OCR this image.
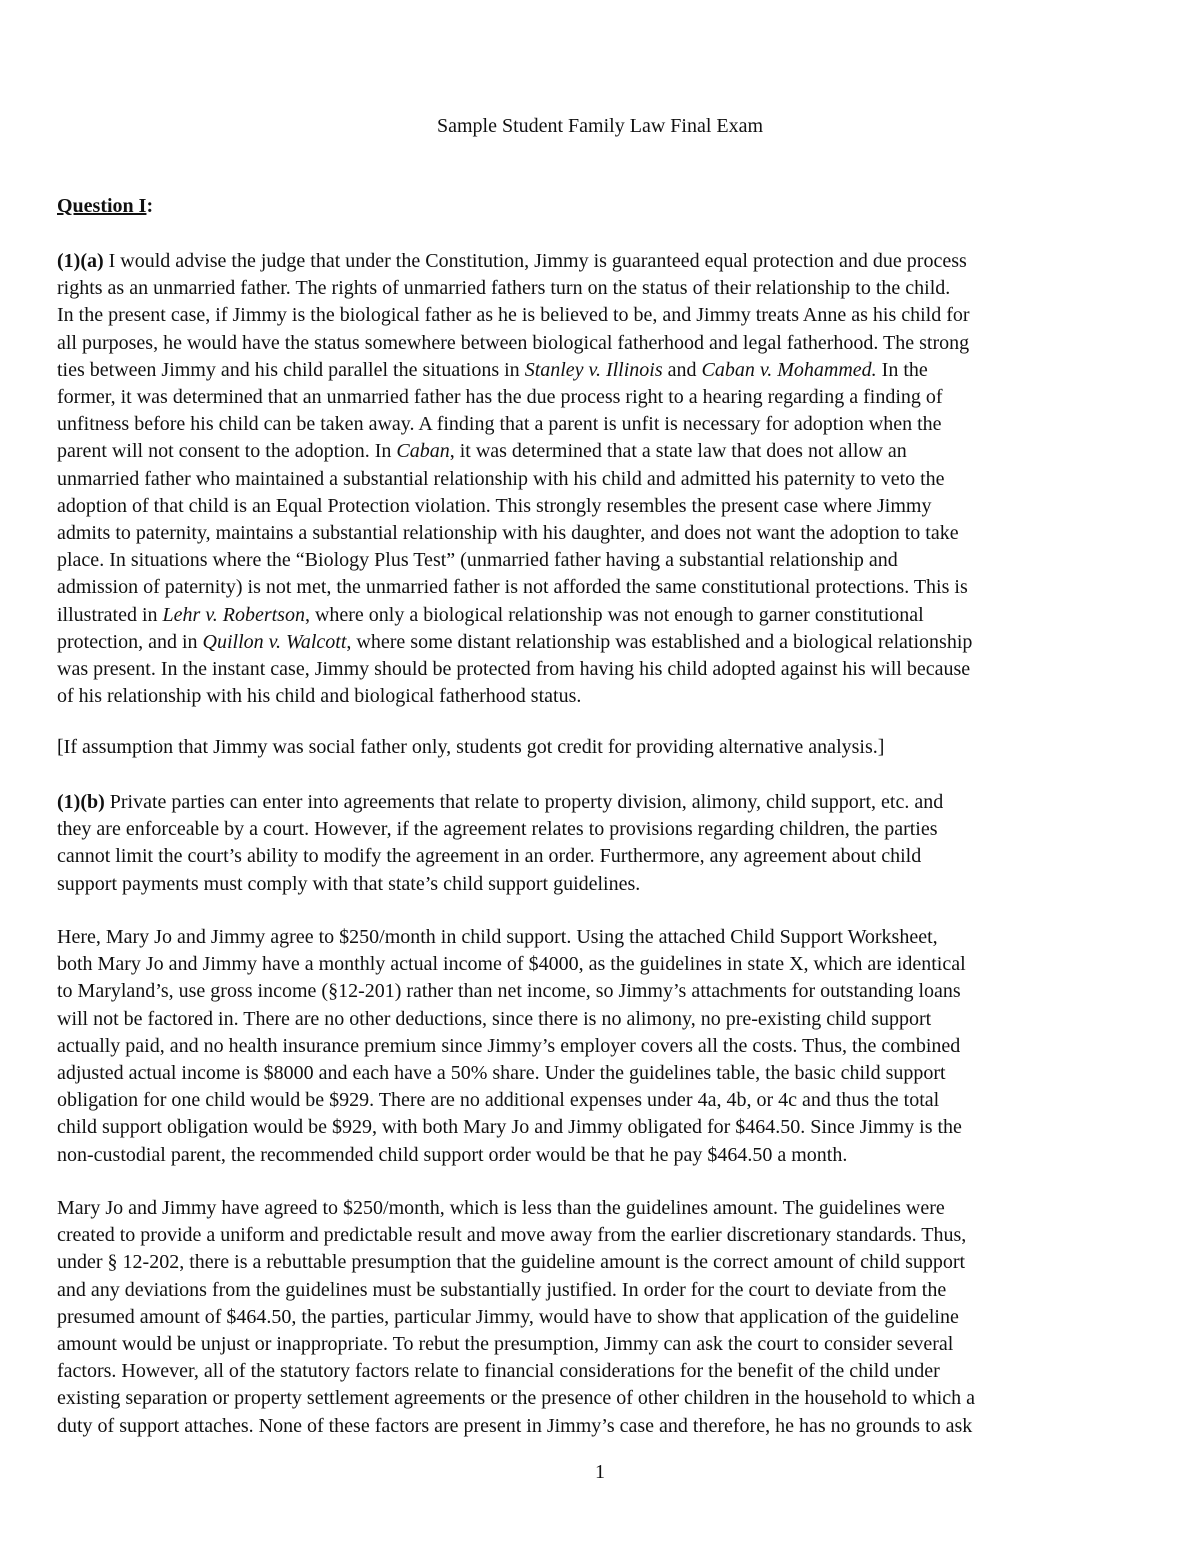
Sample Student Family Law Final Exam
Question I:
(1)(a) I would advise the judge that under the Constitution, Jimmy is guaranteed equal protection and due process
rights as an unmarried father. The rights of unmarried fathers turn on the status of their relationship to the child.
In the present case, if Jimmy is the biological father as he is believed to be, and Jimmy treats Anne as his child for
all purposes, he would have the status somewhere between biological fatherhood and legal fatherhood. The strong
ties between Jimmy and his child parallel the situations in Stanley v. Illinois and Caban v. Mohammed. In the
former, it was determined that an unmarried father has the due process right to a hearing regarding a finding of
unfitness before his child can be taken away. A finding that a parent is unfit is necessary for adoption when the
parent will not consent to the adoption. In Caban, it was determined that a state law that does not allow an
unmarried father who maintained a substantial relationship with his child and admitted his paternity to veto the
adoption of that child is an Equal Protection violation. This strongly resembles the present case where Jimmy
admits to paternity, maintains a substantial relationship with his daughter, and does not want the adoption to take
place. In situations where the “Biology Plus Test” (unmarried father having a substantial relationship and
admission of paternity) is not met, the unmarried father is not afforded the same constitutional protections. This is
illustrated in Lehr v. Robertson, where only a biological relationship was not enough to garner constitutional
protection, and in Quillon v. Walcott, where some distant relationship was established and a biological relationship
was present. In the instant case, Jimmy should be protected from having his child adopted against his will because
of his relationship with his child and biological fatherhood status.
[If assumption that Jimmy was social father only, students got credit for providing alternative analysis.]
(1)(b) Private parties can enter into agreements that relate to property division, alimony, child support, etc. and
they are enforceable by a court. However, if the agreement relates to provisions regarding children, the parties
cannot limit the court’s ability to modify the agreement in an order. Furthermore, any agreement about child
support payments must comply with that state’s child support guidelines.
Here, Mary Jo and Jimmy agree to $250/month in child support. Using the attached Child Support Worksheet,
both Mary Jo and Jimmy have a monthly actual income of $4000, as the guidelines in state X, which are identical
to Maryland’s, use gross income (§12-201) rather than net income, so Jimmy’s attachments for outstanding loans
will not be factored in. There are no other deductions, since there is no alimony, no pre-existing child support
actually paid, and no health insurance premium since Jimmy’s employer covers all the costs. Thus, the combined
adjusted actual income is $8000 and each have a 50% share. Under the guidelines table, the basic child support
obligation for one child would be $929. There are no additional expenses under 4a, 4b, or 4c and thus the total
child support obligation would be $929, with both Mary Jo and Jimmy obligated for $464.50. Since Jimmy is the
non-custodial parent, the recommended child support order would be that he pay $464.50 a month.
Mary Jo and Jimmy have agreed to $250/month, which is less than the guidelines amount. The guidelines were
created to provide a uniform and predictable result and move away from the earlier discretionary standards. Thus,
under § 12-202, there is a rebuttable presumption that the guideline amount is the correct amount of child support
and any deviations from the guidelines must be substantially justified. In order for the court to deviate from the
presumed amount of $464.50, the parties, particular Jimmy, would have to show that application of the guideline
amount would be unjust or inappropriate. To rebut the presumption, Jimmy can ask the court to consider several
factors. However, all of the statutory factors relate to financial considerations for the benefit of the child under
existing separation or property settlement agreements or the presence of other children in the household to which a
duty of support attaches. None of these factors are present in Jimmy’s case and therefore, he has no grounds to ask

1
